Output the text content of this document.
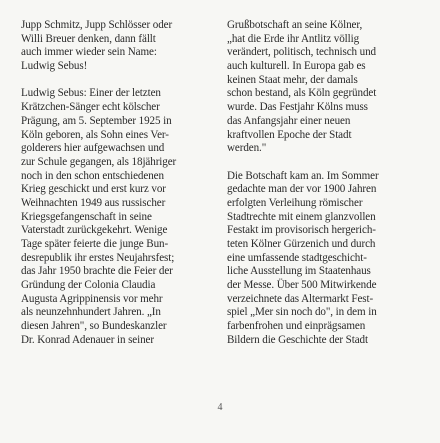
Jupp Schmitz, Jupp Schlösser oder
Willi Breuer denken, dann fällt
auch immer wieder sein Name:
Ludwig Sebus!
Ludwig Sebus: Einer der letzten
Krätzchen-Sänger echt kölscher
Prägung, am 5. September 1925 in
Köln geboren, als Sohn eines Ver-
golderers hier aufgewachsen und
zur Schule gegangen, als 18jähriger
noch in den schon entschiedenen
Krieg geschickt und erst kurz vor
Weihnachten 1949 aus russischer
Kriegsgefangenschaft in seine
Vaterstadt zurückgekehrt. Wenige
Tage später feierte die junge Bun-
desrepublik ihr erstes Neujahrsfest;
das Jahr 1950 brachte die Feier der
Gründung der Colonia Claudia
Augusta Agrippinensis vor mehr
als neunzehnhundert Jahren. „In
diesen Jahren", so Bundeskanzler
Dr. Konrad Adenauer in seiner
Grußbotschaft an seine Kölner,
„hat die Erde ihr Antlitz völlig
verändert, politisch, technisch und
auch kulturell. In Europa gab es
keinen Staat mehr, der damals
schon bestand, als Köln gegründet
wurde. Das Festjahr Kölns muss
das Anfangsjahr einer neuen
kraftvollen Epoche der Stadt
werden."
Die Botschaft kam an. Im Sommer
gedachte man der vor 1900 Jahren
erfolgten Verleihung römischer
Stadtrechte mit einem glanzvollen
Festakt im provisorisch hergerich-
teten Kölner Gürzenich und durch
eine umfassende stadtgeschicht-
liche Ausstellung im Staatenhaus
der Messe. Über 500 Mitwirkende
verzeichnete das Altermarkt Fest-
spiel „Mer sin noch do", in dem in
farbenfrohen und einprägsamen
Bildern die Geschichte der Stadt
4
